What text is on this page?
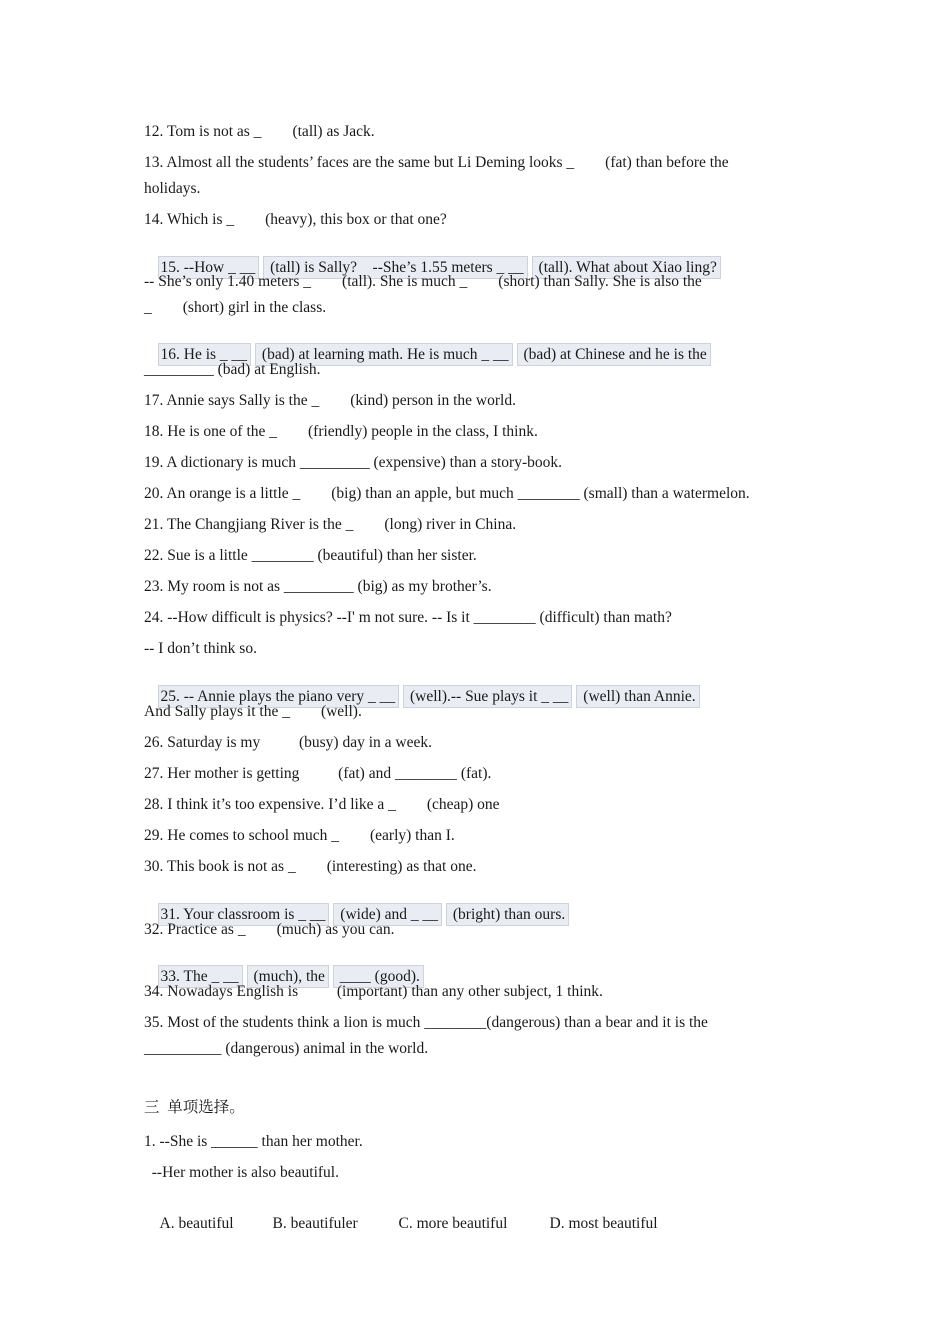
12. Tom is not as _        (tall) as Jack.
13. Almost all the students’ faces are the same but Li Deming looks _        (fat) than before the
holidays.
14. Which is _        (heavy), this box or that one?

15. --How _ __ (tall) is Sally?    --She’s 1.55 meters _ __ (tall). What about Xiao ling?

-- She’s only 1.40 meters _        (tall). She is much _        (short) than Sally. She is also the
_        (short) girl in the class.

16. He is _ __ (bad) at learning math. He is much _ __ (bad) at Chinese and he is the

_________ (bad) at English.
17. Annie says Sally is the _        (kind) person in the world.
18. He is one of the _        (friendly) people in the class, I think.
19. A dictionary is much _________ (expensive) than a story-book.
20. An orange is a little _        (big) than an apple, but much ________ (small) than a watermelon.
21. The Changjiang River is the _        (long) river in China.
22. Sue is a little ________ (beautiful) than her sister.
23. My room is not as _________ (big) as my brother’s.
24. --How difficult is physics? --I' m not sure. -- Is it ________ (difficult) than math?
-- I don’t think so.

25. -- Annie plays the piano very _ __ (well).-- Sue plays it _ __ (well) than Annie.

And Sally plays it the _        (well).
26. Saturday is my          (busy) day in a week.
27. Her mother is getting          (fat) and ________ (fat).
28. I think it’s too expensive. I’d like a _        (cheap) one
29. He comes to school much _        (early) than I.
30. This book is not as _        (interesting) as that one.

31. Your classroom is _ __ (wide) and _ __ (bright) than ours.

32. Practice as _        (much) as you can.

33. The _ __ (much), the ____ (good).

34. Nowadays English is          (important) than any other subject, 1 think.
35. Most of the students think a lion is much ________(dangerous) than a bear and it is the
__________ (dangerous) animal in the world.
三  单项选择。
1. --She is ______ than her mother.
--Her mother is also beautiful.

A. beautiful	B. beautifuler	C. more beautiful	D. most beautiful
